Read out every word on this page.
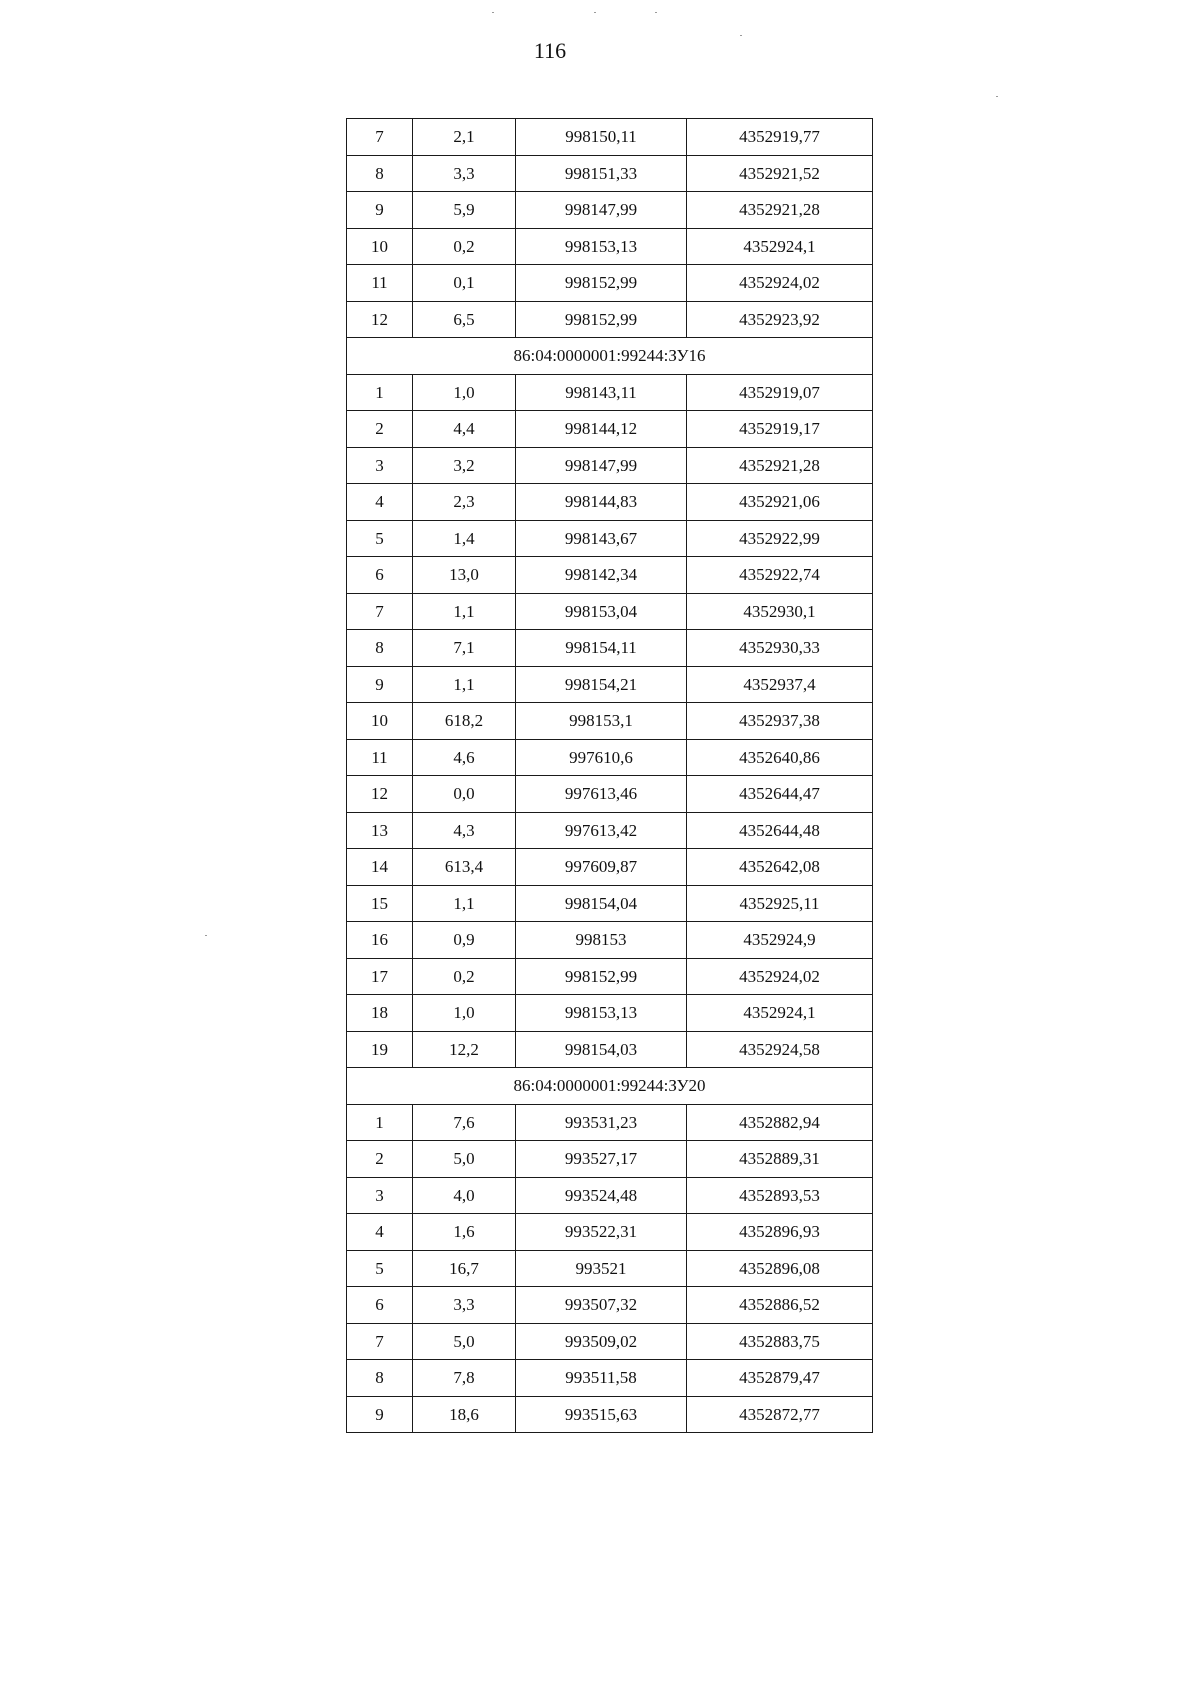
116
7	2,1	998150,11	4352919,77
8	3,3	998151,33	4352921,52
9	5,9	998147,99	4352921,28
10	0,2	998153,13	4352924,1
11	0,1	998152,99	4352924,02
12	6,5	998152,99	4352923,92
86:04:0000001:99244:ЗУ16			
1	1,0	998143,11	4352919,07
2	4,4	998144,12	4352919,17
3	3,2	998147,99	4352921,28
4	2,3	998144,83	4352921,06
5	1,4	998143,67	4352922,99
6	13,0	998142,34	4352922,74
7	1,1	998153,04	4352930,1
8	7,1	998154,11	4352930,33
9	1,1	998154,21	4352937,4
10	618,2	998153,1	4352937,38
11	4,6	997610,6	4352640,86
12	0,0	997613,46	4352644,47
13	4,3	997613,42	4352644,48
14	613,4	997609,87	4352642,08
15	1,1	998154,04	4352925,11
16	0,9	998153	4352924,9
17	0,2	998152,99	4352924,02
18	1,0	998153,13	4352924,1
19	12,2	998154,03	4352924,58
86:04:0000001:99244:ЗУ20			
1	7,6	993531,23	4352882,94
2	5,0	993527,17	4352889,31
3	4,0	993524,48	4352893,53
4	1,6	993522,31	4352896,93
5	16,7	993521	4352896,08
6	3,3	993507,32	4352886,52
7	5,0	993509,02	4352883,75
8	7,8	993511,58	4352879,47
9	18,6	993515,63	4352872,77
